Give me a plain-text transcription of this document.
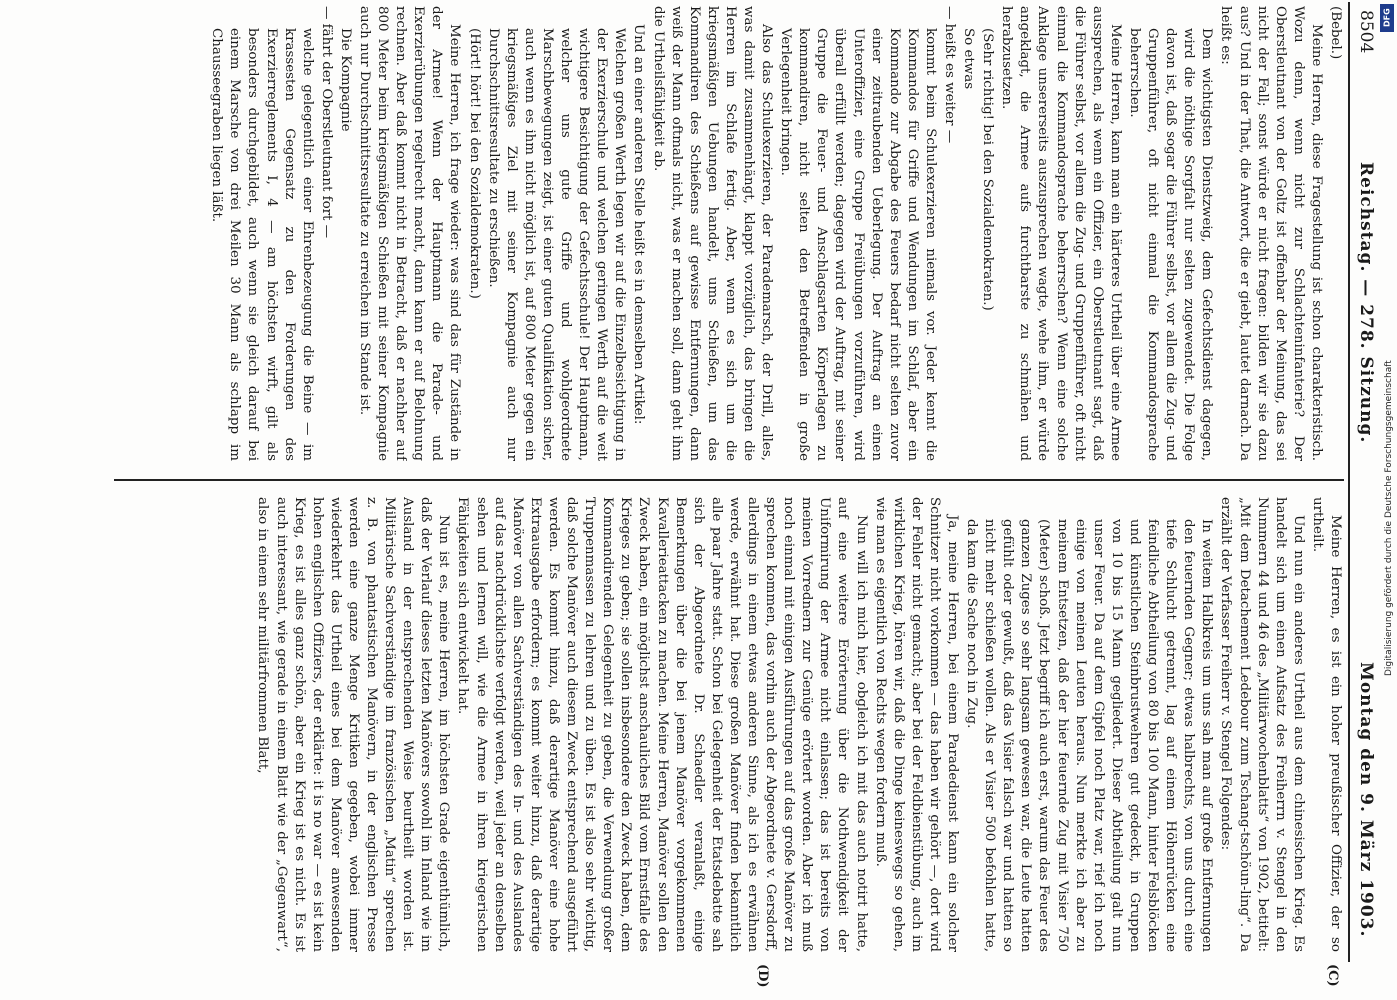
8504
Reichstag. — 278. Sitzung.
Montag den 9. März 1903.

(Bebel.)

Meine Herren, diese Fragestellung ist schon charakteristisch. Wozu denn, wenn nicht zur Schlachteninfanterie? Der Oberstleutnant von der Goltz ist offenbar der Meinung, das sei nicht der Fall; sonst würde er nicht fragen: bilden wir sie dazu aus? Und in der That, die Antwort, die er giebt, lautet darnach. Da heißt es:

Dem wichtigsten Dienstzweig, dem Gefechtsdienst dagegen, wird die nöthige Sorgfalt nur selten zugewendet. Die Folge davon ist, daß sogar die Führer selbst, vor allem die Zug- und Gruppenführer, oft nicht einmal die Kommandosprache beherrschen.

Meine Herren, kann man ein härteres Urtheil über eine Armee aussprechen, als wenn ein Offizier, ein Oberstleutnant sagt, daß die Führer selbst, vor allem die Zug- und Gruppenführer, oft nicht einmal die Kommandosprache beherrschen? Wenn eine solche Anklage unsererseits auszusprechen wagte, wehe ihm, er würde angeklagt, die Armee aufs furchtbarste zu schmähen und herabzusetzen.

(Sehr richtig! bei den Sozialdemokraten.)

So etwas

— heißt es weiter —

kommt beim Schulexerzieren niemals vor. Jeder kennt die Kommandos für Griffe und Wendungen im Schlaf, aber ein Kommando zur Abgabe des Feuers bedarf nicht selten zuvor einer zeitraubenden Ueberlegung. Der Auftrag an einen Unteroffizier, eine Gruppe Freiübungen vorzuführen, wird überall erfüllt werden; dagegen wird der Auftrag, mit seiner Gruppe die Feuer- und Anschlagsarten Körperlagen zu kommandiren, nicht selten den Betreffenden in große Verlegenheit bringen.

Also das Schulexerzieren, der Parademarsch, der Drill, alles, was damit zusammenhängt, klappt vorzüglich, das bringen die Herren im Schlafe fertig. Aber, wenn es sich um die kriegsmäßigen Uebungen handelt, ums Schießen, um das Kommandiren des Schießens auf gewisse Entfernungen, dann weiß der Mann oftmals nicht, was er machen soll, dann geht ihm die Urtheilsfähigkeit ab.

Und an einer anderen Stelle heißt es in demselben Artikel:

Welchen großen Werth legen wir auf die Einzelbesichtigung in der Exerzierschule und welchen geringen Werth auf die weit wichtigere Besichtigung der Gefechtsschule! Der Hauptmann, welcher uns gute Griffe und wohlgeordnete Marschbewegungen zeigt, ist einer guten Qualifikation sicher, auch wenn es ihm nicht möglich ist, auf 800 Meter gegen ein kriegsmäßiges Ziel mit seiner Kompagnie auch nur Durchschnittsresultate zu erschießen.

(Hört! hört! bei den Sozialdemokraten.)

Meine Herren, ich frage wieder: was sind das für Zustände in der Armee! Wenn der Hauptmann die Parade- und Exerzierübungen regelrecht macht, dann kann er auf Belohnung rechnen. Aber daß kommt nicht in Betracht, daß er nachher auf 800 Meter beim kriegsmäßigen Schießen mit seiner Kompagnie auch nur Durchschnittsresultate zu erreichen im Stande ist.

Die Kompagnie

— fährt der Oberstleutnant fort —

welche gelegentlich einer Ehrenbezeugung die Beine — im krassesten Gegensatz zu den Forderungen des Exerzierreglements I, 4 — am höchsten wirft, gilt als besonders durchgebildet, auch wenn sie gleich darauf bei einem Marsche von drei Meilen 30 Mann als schlapp im Chausseegraben liegen läßt.

Meine Herren, es ist ein hoher preußischer Offizier, der so urtheilt.

Und nun ein anderes Urtheil aus dem chinesischen Krieg. Es handelt sich um einen Aufsatz des Freiherrn v. Stengel in den Nummern 44 und 46 des „Militärwochenblatts“ von 1902, betitelt: „Mit dem Detachement Ledebour zum Tschang-tschöun-ling“. Da erzählt der Verfasser Freiherr v. Stengel Folgendes:

In weitem Halbkreis um uns sah man auf große Entfernungen den feuernden Gegner; etwas halbrechts, von uns durch eine tiefe Schlucht getrennt, lag auf einem Höhenrücken eine feindliche Abtheilung von 80 bis 100 Mann, hinter Felsblöcken und künstlichen Steinbrustwehren gut gedeckt, in Gruppen von 10 bis 15 Mann gegliedert. Dieser Abtheilung galt nun unser Feuer. Da auf dem Gipfel noch Platz war, rief ich noch einige von meinen Leuten heraus. Nun merkte ich aber zu meinem Entsetzen, daß der hier feuernde Zug mit Visier 750 (Meter) schoß. Jetzt begriff ich auch erst, warum das Feuer des ganzen Zuges so sehr langsam gewesen war, die Leute hatten gefühlt oder gewußt, daß das Visier falsch war und hatten so nicht mehr schießen wollen. Als er Visier 500 befohlen hatte, da kam die Sache noch in Zug.

Ja, meine Herren, bei einem Paradedienst kann ein solcher Schnitzer nicht vorkommen — das haben wir gehört —, dort wird der Fehler nicht gemacht; aber bei der Feldbienstübung, auch im wirklichen Krieg, hören wir, daß die Dinge keineswegs so gehen, wie man es eigentlich von Rechts wegen fordern muß.

Nun will ich mich hier, obgleich ich mit das auch notirt hatte, auf eine weitere Erörterung über die Nothwendigkeit der Uniformirung der Armee nicht einlassen; das ist bereits von meinen Vorrednern zur Genüge erörtert worden. Aber ich muß noch einmal mit einigen Ausführungen auf das große Manöver zu sprechen kommen, das vorhin auch der Abgeordnete v. Gersdorff, allerdings in einem etwas anderen Sinne, als ich es erwähnen werde, erwähnt hat. Diese großen Manöver finden bekanntlich alle paar Jahre statt. Schon bei Gelegenheit der Etatsdebatte sah sich der Abgeordnete Dr. Schaedler veranlaßt, einige Bemerkungen über die bei jenem Manöver vorgekommenen Kavallerieattacken zu machen. Meine Herren, Manöver sollen den Zweck haben, ein möglichst anschauliches Bild vom Ernstfalle des Krieges zu geben; sie sollen insbesondere den Zweck haben, dem Kommandirenden Gelegenheit zu geben, die Verwendung großer Truppenmassen zu lehren und zu üben. Es ist also sehr wichtig, daß solche Manöver auch diesem Zweck entsprechend ausgeführt werden. Es kommt hinzu, daß derartige Manöver eine hohe Extraausgabe erfordern; es kommt weiter hinzu, daß derartige Manöver von allen Sachverständigen des In- und des Auslandes auf das nachdrücklichste verfolgt werden, weil jeder an denselben sehen und lernen will, wie die Armee in ihren kriegerischen Fähigkeiten sich entwickelt hat.

Nun ist es, meine Herren, im höchsten Grade eigenthümlich, daß der Verlauf dieses letzten Manövers sowohl im Inland wie im Ausland in der entsprechenden Weise beurtheilt worden ist. Militärische Sachverständige im französischen „Matin“ sprechen z. B. von phantastischen Manövern, in der englischen Presse werden eine ganze Menge Kritiken gegeben, wobei immer wiederkehrt das Urtheil eines bei dem Manöver anwesenden hohen englischen Offiziers, der erklärte: it is no war — es ist kein Krieg, es ist alles ganz schön, aber ein Krieg ist es nicht. Es ist auch interessant, wie gerade in einem Blatt wie der „Gegenwart“, also in einem sehr militärfrommen Blatt,

(C)
(D)
DFG
Digitalisierung gefördert durch die Deutsche Forschungsgemeinschaft
